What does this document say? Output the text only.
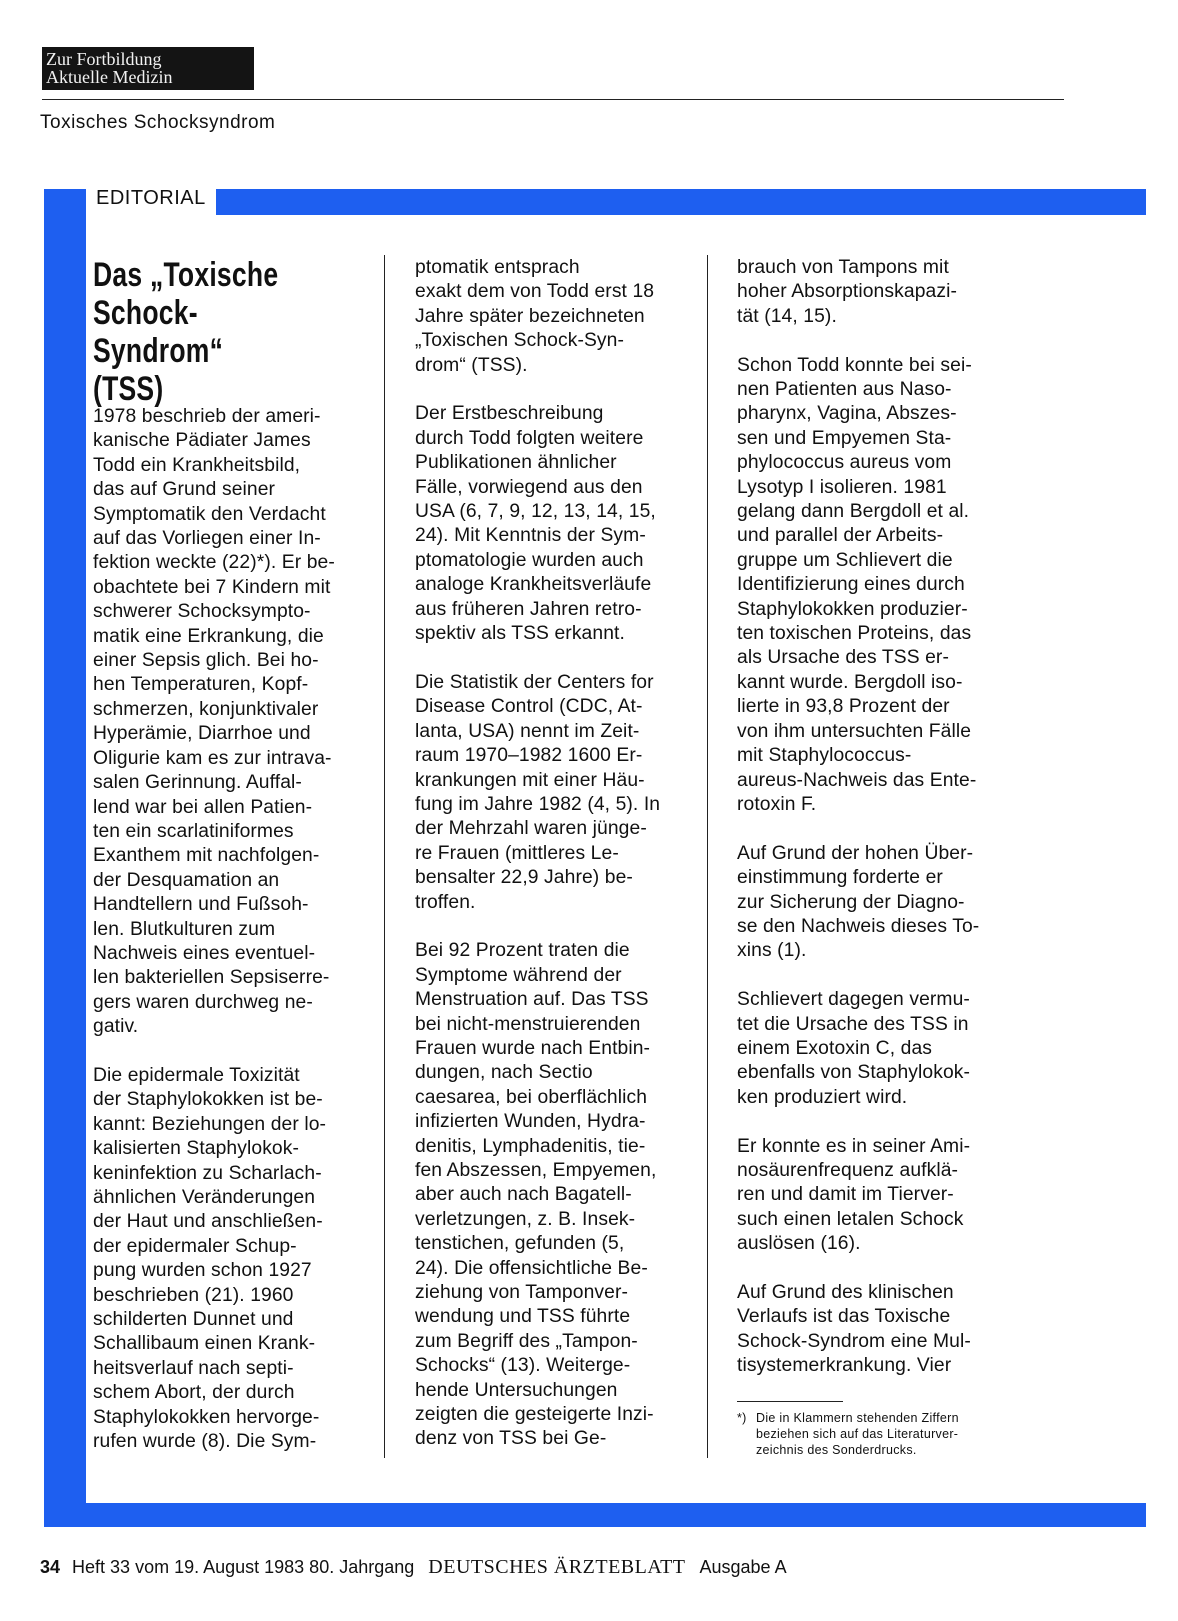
Zur Fortbildung
Aktuelle Medizin
Toxisches Schocksyndrom
EDITORIAL
Das „Toxische
Schock-Syndrom“
(TSS)

1978 beschrieb der ameri-
kanische Pädiater James
Todd ein Krankheitsbild,
das auf Grund seiner
Symptomatik den Verdacht
auf das Vorliegen einer In-
fektion weckte (22)*). Er be-
obachtete bei 7 Kindern mit
schwerer Schocksympto-
matik eine Erkrankung, die
einer Sepsis glich. Bei ho-
hen Temperaturen, Kopf-
schmerzen, konjunktivaler
Hyperämie, Diarrhoe und
Oligurie kam es zur intrava-
salen Gerinnung. Auffal-
lend war bei allen Patien-
ten ein scarlatiniformes
Exanthem mit nachfolgen-
der Desquamation an
Handtellern und Fußsoh-
len. Blutkulturen zum
Nachweis eines eventuel-
len bakteriellen Sepsiserre-
gers waren durchweg ne-
gativ.

Die epidermale Toxizität
der Staphylokokken ist be-
kannt: Beziehungen der lo-
kalisierten Staphylokok-
keninfektion zu Scharlach-
ähnlichen Veränderungen
der Haut und anschließen-
der epidermaler Schup-
pung wurden schon 1927
beschrieben (21). 1960
schilderten Dunnet und
Schallibaum einen Krank-
heitsverlauf nach septi-
schem Abort, der durch
Staphylokokken hervorge-
rufen wurde (8). Die Sym-

ptomatik entsprach
exakt dem von Todd erst 18
Jahre später bezeichneten
„Toxischen Schock-Syn-
drom“ (TSS).

Der Erstbeschreibung
durch Todd folgten weitere
Publikationen ähnlicher
Fälle, vorwiegend aus den
USA (6, 7, 9, 12, 13, 14, 15,
24). Mit Kenntnis der Sym-
ptomatologie wurden auch
analoge Krankheitsverläufe
aus früheren Jahren retro-
spektiv als TSS erkannt.

Die Statistik der Centers for
Disease Control (CDC, At-
lanta, USA) nennt im Zeit-
raum 1970–1982 1600 Er-
krankungen mit einer Häu-
fung im Jahre 1982 (4, 5). In
der Mehrzahl waren jünge-
re Frauen (mittleres Le-
bensalter 22,9 Jahre) be-
troffen.

Bei 92 Prozent traten die
Symptome während der
Menstruation auf. Das TSS
bei nicht-menstruierenden
Frauen wurde nach Entbin-
dungen, nach Sectio
caesarea, bei oberflächlich
infizierten Wunden, Hydra-
denitis, Lymphadenitis, tie-
fen Abszessen, Empyemen,
aber auch nach Bagatell-
verletzungen, z. B. Insek-
tenstichen, gefunden (5,
24). Die offensichtliche Be-
ziehung von Tamponver-
wendung und TSS führte
zum Begriff des „Tampon-
Schocks“ (13). Weiterge-
hende Untersuchungen
zeigten die gesteigerte Inzi-
denz von TSS bei Ge-

brauch von Tampons mit
hoher Absorptionskapazi-
tät (14, 15).

Schon Todd konnte bei sei-
nen Patienten aus Naso-
pharynx, Vagina, Abszes-
sen und Empyemen Sta-
phylococcus aureus vom
Lysotyp I isolieren. 1981
gelang dann Bergdoll et al.
und parallel der Arbeits-
gruppe um Schlievert die
Identifizierung eines durch
Staphylokokken produzier-
ten toxischen Proteins, das
als Ursache des TSS er-
kannt wurde. Bergdoll iso-
lierte in 93,8 Prozent der
von ihm untersuchten Fälle
mit Staphylococcus-
aureus-Nachweis das Ente-
rotoxin F.

Auf Grund der hohen Über-
einstimmung forderte er
zur Sicherung der Diagno-
se den Nachweis dieses To-
xins (1).

Schlievert dagegen vermu-
tet die Ursache des TSS in
einem Exotoxin C, das
ebenfalls von Staphylokok-
ken produziert wird.

Er konnte es in seiner Ami-
nosäurenfrequenz aufklä-
ren und damit im Tierver-
such einen letalen Schock
auslösen (16).

Auf Grund des klinischen
Verlaufs ist das Toxische
Schock-Syndrom eine Mul-
tisystemerkrankung. Vier

*) Die in Klammern stehenden Ziffern
beziehen sich auf das Literaturver-
zeichnis des Sonderdrucks.
34 Heft 33 vom 19. August 1983 80. Jahrgang DEUTSCHES ÄRZTEBLATT Ausgabe A
